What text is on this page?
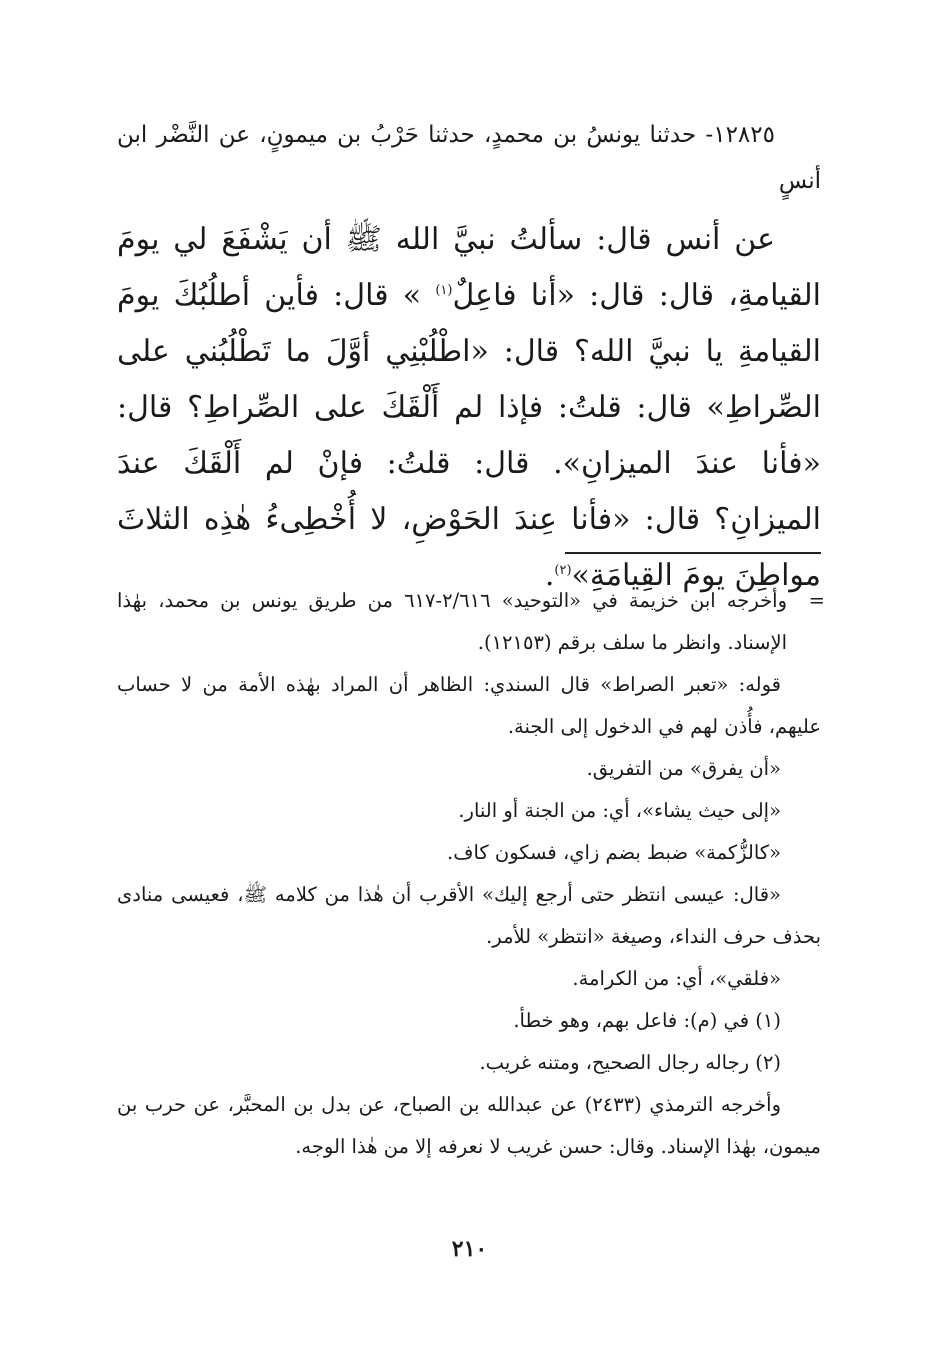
١٢٨٢٥- حدثنا يونسُ بن محمدٍ، حدثنا حَرْبُ بن ميمونٍ، عن النَّضْر ابن أنسٍ

عن أنس قال: سألتُ نبيَّ الله ﷺ أن يَشْفَعَ لي يومَ القيامةِ، قال: قال: «أنا فاعِلٌ$^{(١)}$ » قال: فأين أطلُبُكَ يومَ القيامةِ يا نبيَّ الله؟ قال: «اطْلُبْنِي أوَّلَ ما تَطْلُبُني على الصِّراطِ» قال: قلتُ: فإذا لم أَلْقَكَ على الصِّراطِ؟ قال: «فأنا عندَ الميزانِ». قال: قلتُ: فإنْ لم أَلْقَكَ عندَ الميزانِ؟ قال: «فأنا عِندَ الحَوْضِ، لا أُخْطِىءُ هٰذِه الثلاثَ مواطِنَ يومَ القِيامَةِ»$^{(٢)}$.

=
وأخرجه ابن خزيمة في «التوحيد» ٢/٦١٦-٦١٧ من طريق يونس بن محمد، بهٰذا الإسناد. وانظر ما سلف برقم (١٢١٥٣).

قوله: «تعبر الصراط» قال السندي: الظاهر أن المراد بهٰذه الأمة من لا حساب عليهم، فأُذن لهم في الدخول إلى الجنة.

«أن يفرق» من التفريق.

«إلى حيث يشاء»، أي: من الجنة أو النار.

«كالزُّكمة» ضبط بضم زاي، فسكون كاف.

«قال: عيسى انتظر حتى أرجع إليك» الأقرب أن هٰذا من كلامه ﷺ، فعيسى منادى بحذف حرف النداء، وصيغة «انتظر» للأمر.

«فلقي»، أي: من الكرامة.

(١) في (م): فاعل بهم، وهو خطأ.

(٢) رجاله رجال الصحيح، ومتنه غريب.

وأخرجه الترمذي (٢٤٣٣) عن عبدالله بن الصباح، عن بدل بن المحبَّر، عن حرب بن ميمون، بهٰذا الإسناد. وقال: حسن غريب لا نعرفه إلا من هٰذا الوجه.

٢١٠
